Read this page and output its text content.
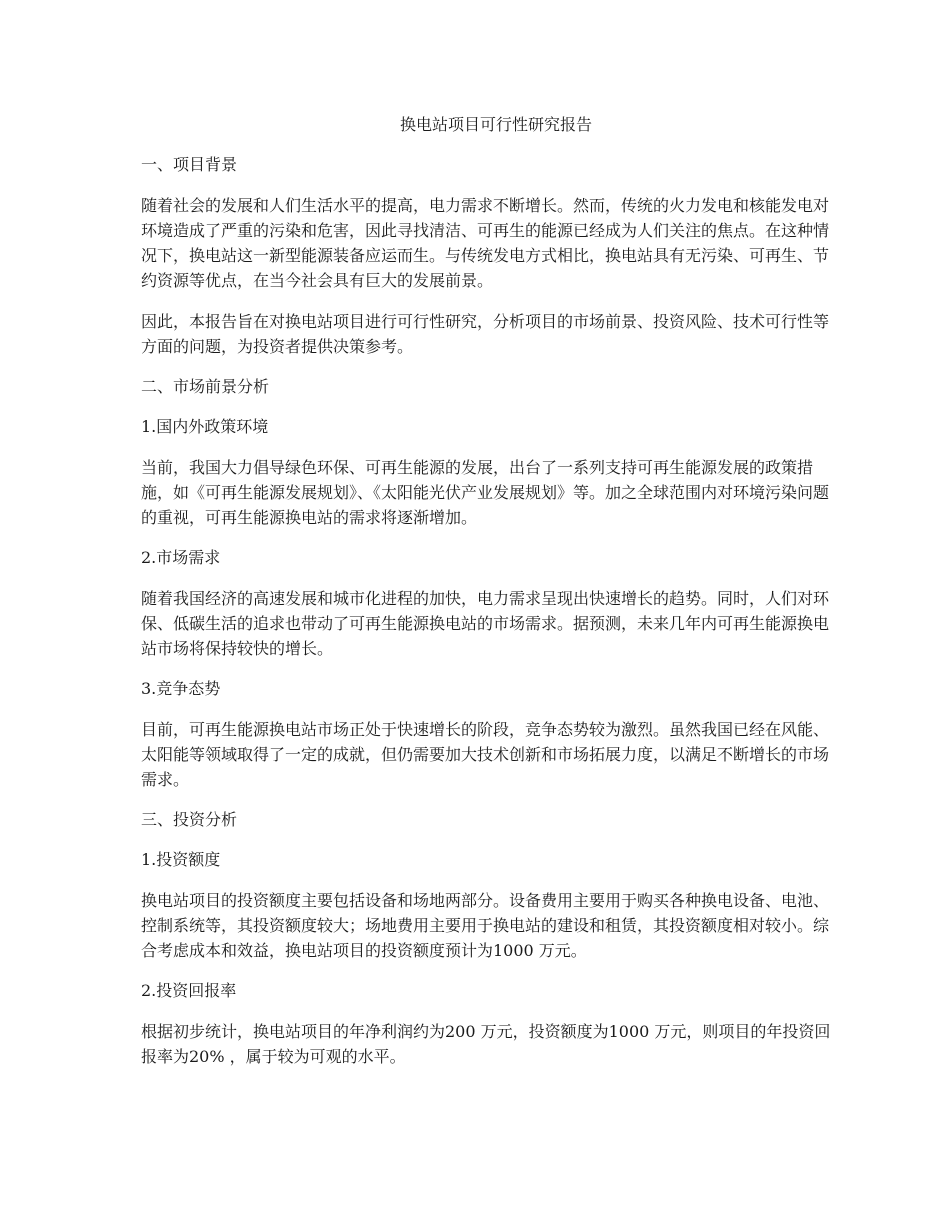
换电站项目可行性研究报告
一、项目背景

随着社会的发展和人们生活水平的提高，电力需求不断增长。然而，传统的火力发电和核能发电对环境造成了严重的污染和危害，因此寻找清洁、可再生的能源已经成为人们关注的焦点。在这种情况下，换电站这一新型能源装备应运而生。与传统发电方式相比，换电站具有无污染、可再生、节约资源等优点，在当今社会具有巨大的发展前景。

因此，本报告旨在对换电站项目进行可行性研究，分析项目的市场前景、投资风险、技术可行性等方面的问题，为投资者提供决策参考。

二、市场前景分析
1.国内外政策环境

当前，我国大力倡导绿色环保、可再生能源的发展，出台了一系列支持可再生能源发展的政策措施，如《可再生能源发展规划》、《太阳能光伏产业发展规划》等。加之全球范围内对环境污染问题的重视，可再生能源换电站的需求将逐渐增加。

2.市场需求

随着我国经济的高速发展和城市化进程的加快，电力需求呈现出快速增长的趋势。同时，人们对环保、低碳生活的追求也带动了可再生能源换电站的市场需求。据预测，未来几年内可再生能源换电站市场将保持较快的增长。

3.竞争态势

目前，可再生能源换电站市场正处于快速增长的阶段，竞争态势较为激烈。虽然我国已经在风能、太阳能等领域取得了一定的成就，但仍需要加大技术创新和市场拓展力度，以满足不断增长的市场需求。

三、投资分析
1.投资额度

换电站项目的投资额度主要包括设备和场地两部分。设备费用主要用于购买各种换电设备、电池、控制系统等，其投资额度较大；场地费用主要用于换电站的建设和租赁，其投资额度相对较小。综合考虑成本和效益，换电站项目的投资额度预计为1000 万元。

2.投资回报率

根据初步统计，换电站项目的年净利润约为200 万元，投资额度为1000 万元，则项目的年投资回报率为20% ，属于较为可观的水平。
